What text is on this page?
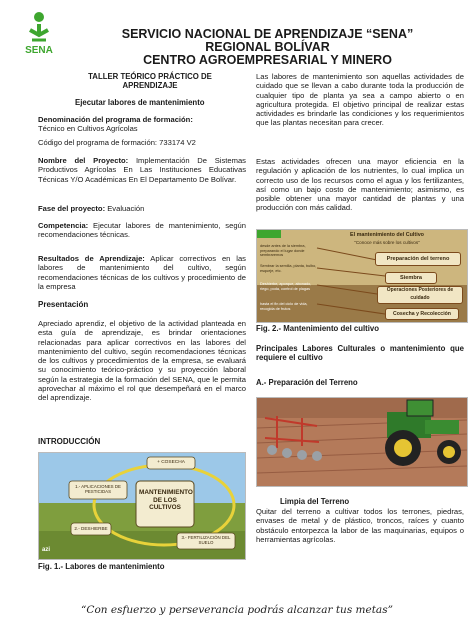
SENA
SERVICIO NACIONAL DE APRENDIZAJE “SENA”
REGIONAL BOLÍVAR
CENTRO AGROEMPRESARIAL Y MINERO
TALLER TEÓRICO PRÁCTICO DE
APRENDIZAJE
Ejecutar labores de mantenimiento
Denominación del programa de formación:
Técnico en Cultivos Agrícolas
Código del programa de formación: 733174 V2
Nombre del Proyecto: Implementación De Sistemas Productivos Agrícolas En Las Instituciones Educativas Técnicas Y/O Académicas En El Departamento De Bolívar.
Fase del proyecto: Evaluación
Competencia: Ejecutar labores de mantenimiento, según recomendaciones técnicas.
Resultados de Aprendizaje: Aplicar correctivos en las labores de mantenimiento del cultivo, según recomendaciones técnicas de los cultivos y procedimiento de la empresa
Presentación
Apreciado aprendiz, el objetivo de la actividad planteada en esta guía de aprendizaje, es brindar orientaciones relacionadas para aplicar correctivos en las labores del mantenimiento del cultivo, según recomendaciones técnicas de los cultivos y procedimientos de la empresa, se evaluará su conocimiento teórico-práctico y su proyección laboral según la estrategia de la formación del SENA, que le permita aprovechar al máximo el rol que desempeñará en el marco del aprendizaje.
INTRODUCCIÓN
MANTENIMIENTO DE LOS CULTIVOS
+ COSECHA
1.- APLICACIONES DE PESTICIDAS
2.- DESHIERBE
3.- FERTILIZACIÓN DEL SUELO
azi
Fig. 1.- Labores de mantenimiento
Las labores de mantenimiento son aquellas actividades de cuidado que se llevan a cabo durante toda la producción de cualquier tipo de planta ya sea a campo abierto o en agricultura protegida. El objetivo principal de realizar estas actividades es brindarle las condiciones y los requerimientos que las plantas necesitan para crecer.
Estas actividades ofrecen una mayor eficiencia en la regulación y aplicación de los nutrientes, lo cual implica un correcto uso de los recursos como el agua y los fertilizantes, así como un bajo costo de mantenimiento; asimismo, es posible obtener una mayor cantidad de plantas y una producción con más calidad.
El mantenimiento del Cultivo
"Conoce más sobre los cultivos"
Preparación del terreno
Siembra
Operaciones Posteriores de cuidado
Cosecha y Recolección
desde antes de la siembra, preparando el lugar donde sembraremos
Sembrar la semilla, planta, bulbo, esqueje, etc.
Deshierbe, aporque, abonado, riego, poda, control de plagas
hasta el fin del ciclo de vida, recogida de frutos
Fig. 2.- Mantenimiento del cultivo
Principales Labores Culturales o mantenimiento que requiere el cultivo
A.- Preparación del Terreno
Limpia del Terreno
Quitar del terreno a cultivar todos los terrones, piedras, envases de metal y de plástico, troncos, raíces y cuanto obstáculo entorpezca la labor de las maquinarias, equipos o herramientas agrícolas.
“Con esfuerzo y perseverancia podrás alcanzar tus metas”
